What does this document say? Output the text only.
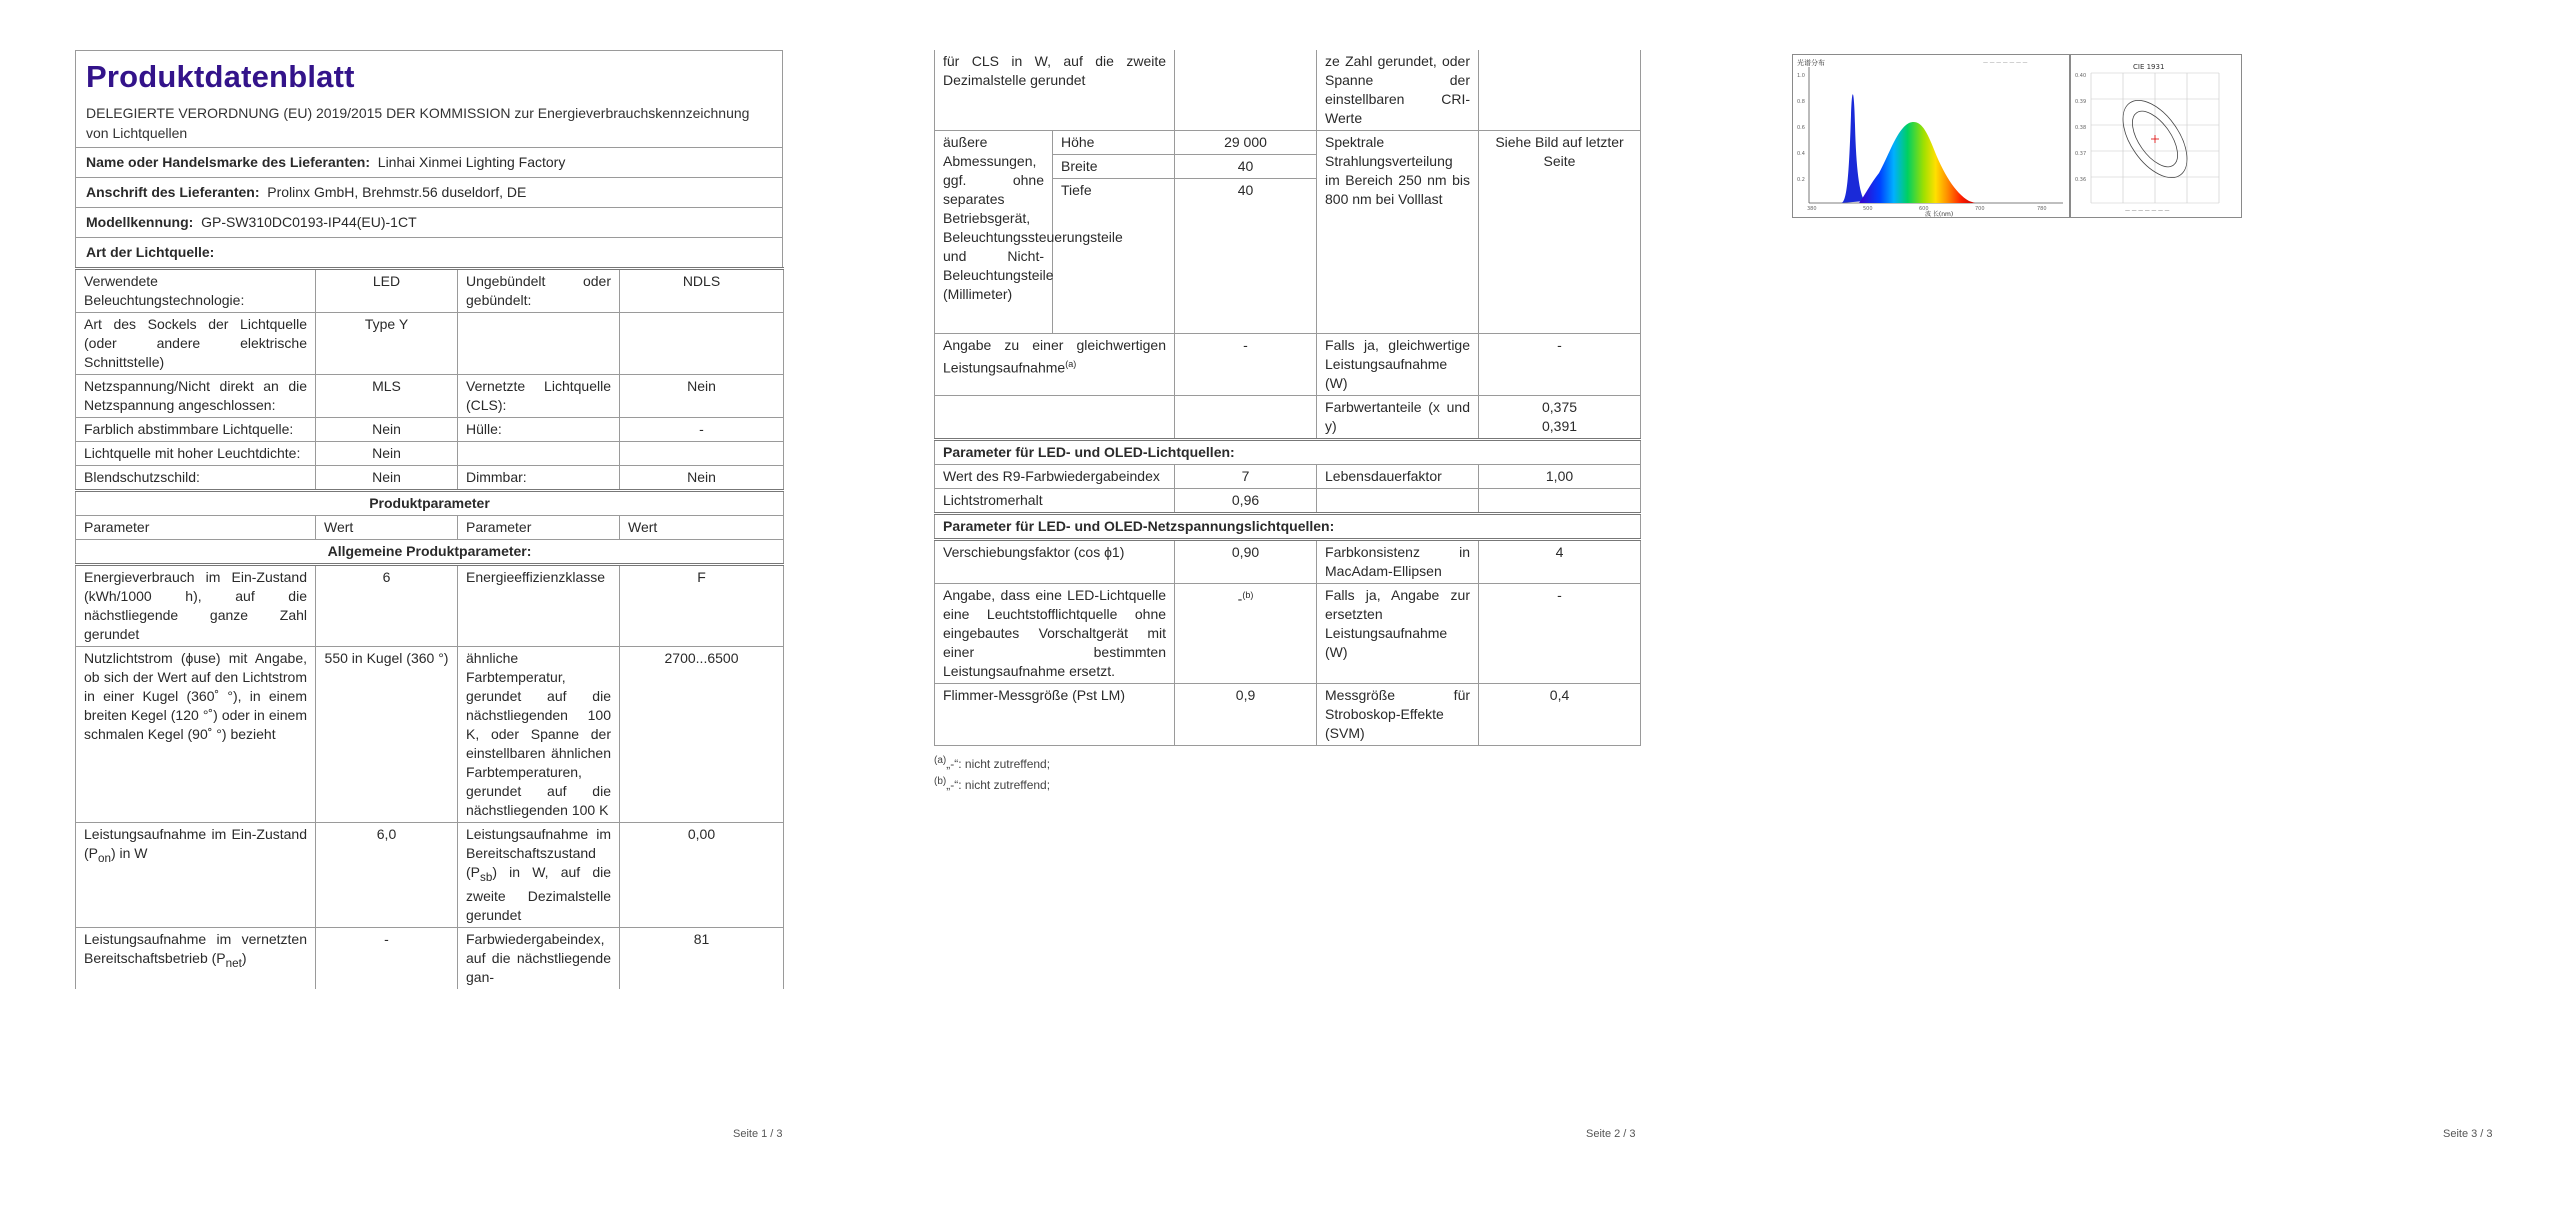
Produktdatenblatt
DELEGIERTE VERORDNUNG (EU) 2019/2015 DER KOMMISSION zur Energieverbrauchskennzeichnung von Lichtquellen
Name oder Handelsmarke des Lieferanten: Linhai Xinmei Lighting Factory
Anschrift des Lieferanten: Prolinx GmbH, Brehmstr.56 duseldorf, DE
Modellkennung: GP-SW310DC0193-IP44(EU)-1CT
Art der Lichtquelle:
Verwendete Beleuchtungstechnologie:	LED	Ungebündelt oder gebündelt:	NDLS
Art des Sockels der Lichtquelle (oder andere elektrische Schnittstelle)	Type Y		
Netzspannung/Nicht direkt an die Netzspannung angeschlossen:	MLS	Vernetzte Lichtquelle (CLS):	Nein
Farblich abstimmbare Lichtquelle:	Nein	Hülle:	-
Lichtquelle mit hoher Leuchtdichte:	Nein		
Blendschutzschild:	Nein	Dimmbar:	Nein
Produktparameter			
Parameter	Wert	Parameter	Wert
Allgemeine Produktparameter:			
Energieverbrauch im Ein-Zustand (kWh/1000 h), auf die nächstliegende ganze Zahl gerundet	6	Energieeffizienzklasse	F
Nutzlichtstrom (ϕuse) mit Angabe, ob sich der Wert auf den Lichtstrom in einer Kugel (360˚ °), in einem breiten Kegel (120 °˚) oder in einem schmalen Kegel (90˚ °) bezieht	550 in Kugel (360 °)	ähnliche Farbtemperatur, gerundet auf die nächstliegenden 100 K, oder Spanne der einstellbaren ähnlichen Farbtemperaturen, gerundet auf die nächstliegenden 100 K	2700...6500
Leistungsaufnahme im Ein-Zustand $(P_{on})$ in W	6,0	Leistungsaufnahme im Bereitschaftszustand $(P_{sb})$ in W, auf die zweite Dezimalstelle gerundet	0,00
Leistungsaufnahme im vernetzten Bereitschaftsbetrieb $(P_{net})$	-	Farbwiedergabeindex, auf die nächstliegende gan-	81
Seite 1 / 3
für CLS in W, auf die zweite Dezimalstelle gerundet			ze Zahl gerundet, oder Spanne der einstellbaren CRI-Werte	
äußere Abmessungen, ggf. ohne separates Betriebsgerät, Beleuchtungssteuerungsteile und Nicht-Beleuchtungsteile (Millimeter)	Höhe	29 000	Spektrale Strahlungsverteilung im Bereich 250 nm bis 800 nm bei Volllast	Siehe Bild auf letzter Seite
	Breite	40		
	Tiefe	40		
Angabe zu einer gleichwertigen Leistungsaufnahme$^{(a)}$		-	Falls ja, gleichwertige Leistungsaufnahme (W)	-
			Farbwertanteile (x und y)	0,375
0,391
Parameter für LED- und OLED-Lichtquellen:				
Wert des R9-Farbwiedergabeindex		7	Lebensdauerfaktor	1,00
Lichtstromerhalt		0,96		
Parameter für LED- und OLED-Netzspannungslichtquellen:				
Verschiebungsfaktor (cos ϕ1)		0,90	Farbkonsistenz in MacAdam-Ellipsen	4
Angabe, dass eine LED-Lichtquelle eine Leuchtstofflichtquelle ohne eingebautes Vorschaltgerät mit einer bestimmten Leistungsaufnahme ersetzt.		-$^{(b)}$	Falls ja, Angabe zur ersetzten Leistungsaufnahme (W)	-
Flimmer-Messgröße (Pst LM)		0,9	Messgröße für Stroboskop-Effekte (SVM)	0,4
$^{(a)}$„-“: nicht zutreffend;
$^{(b)}$„-“: nicht zutreffend;
Seite 2 / 3
光谱分布	— — — — — — —
1.0
0.8
0.6
0.4
0.2
380	500	600	700	780
波 长(nm)
CIE 1931
0.40
0.39
0.38
0.37
0.36
— — — — — — —
Seite 3 / 3
